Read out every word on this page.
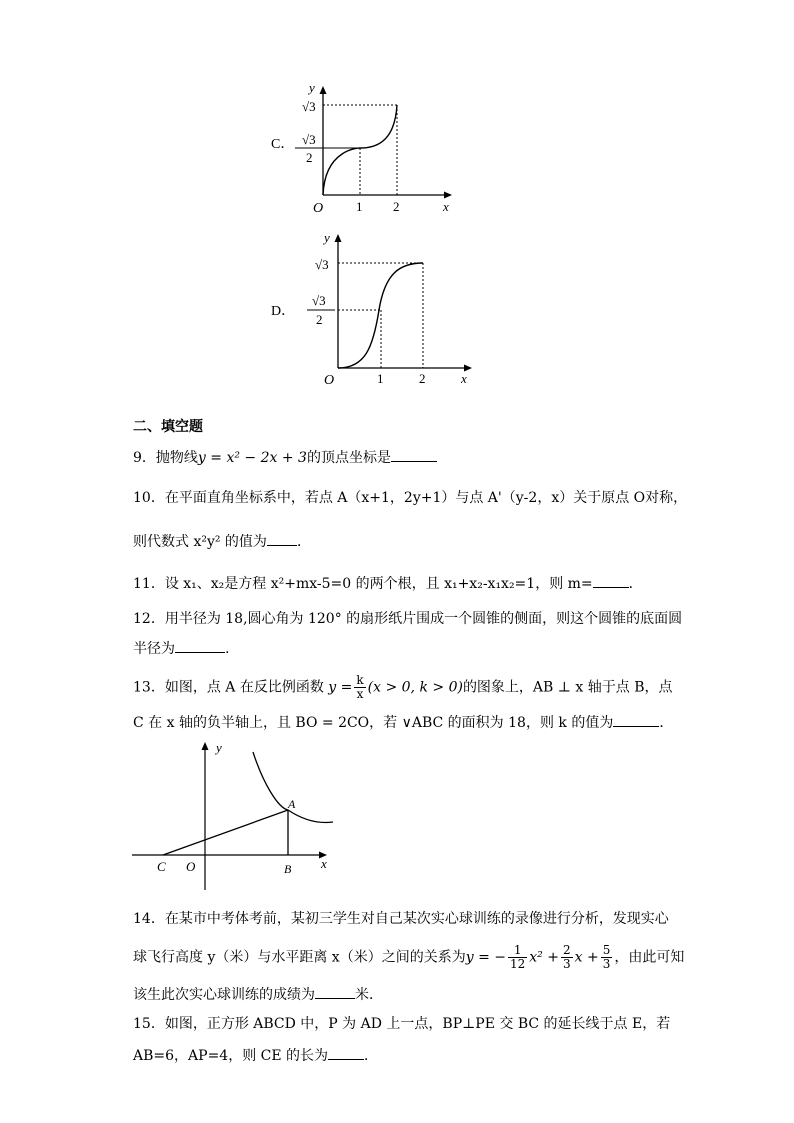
C．
y
x
O	1 2
√3
√3
2
D．
y
x
O	1	2
√3
√3
2
二、填空题
9．抛物线y = x² − 2x + 3的顶点坐标是
10．在平面直角坐标系中，若点 A（x+1，2y+1）与点 A'（y-2，x）关于原点 O对称，
则代数式 x²y² 的值为 ．
11．设 x₁、x₂是方程 x²+mx-5=0 的两个根，且 x₁+x₂-x₁x₂=1，则 m=	．
12．用半径为 18,圆心角为 120° 的扇形纸片围成一个圆锥的侧面，则这个圆锥的底面圆
半径为	.
13．如图，点 A 在反比例函数 $y = \frac{k}{x} (x > 0$, k > 0)的图象上，AB ⊥ x 轴于点 B，点
C 在 x 轴的负半轴上，且 BO = 2CO，若 ∨ABC 的面积为 18，则 k 的值为	．
y
x
A
B
C O
14．在某市中考体考前，某初三学生对自己某次实心球训练的录像进行分析，发现实心
球飞行高度 y（米）与水平距离 x（米）之间的关系为y = − $\frac{1}{12} x^2 + \frac{2}{3}$ $x + \frac{5}{3}$ ，由此可知
该生此次实心球训练的成绩为	米．
15．如图，正方形 ABCD 中，P 为 AD 上一点，BP⊥PE 交 BC 的延长线于点 E，若
AB=6，AP=4，则 CE 的长为	．
